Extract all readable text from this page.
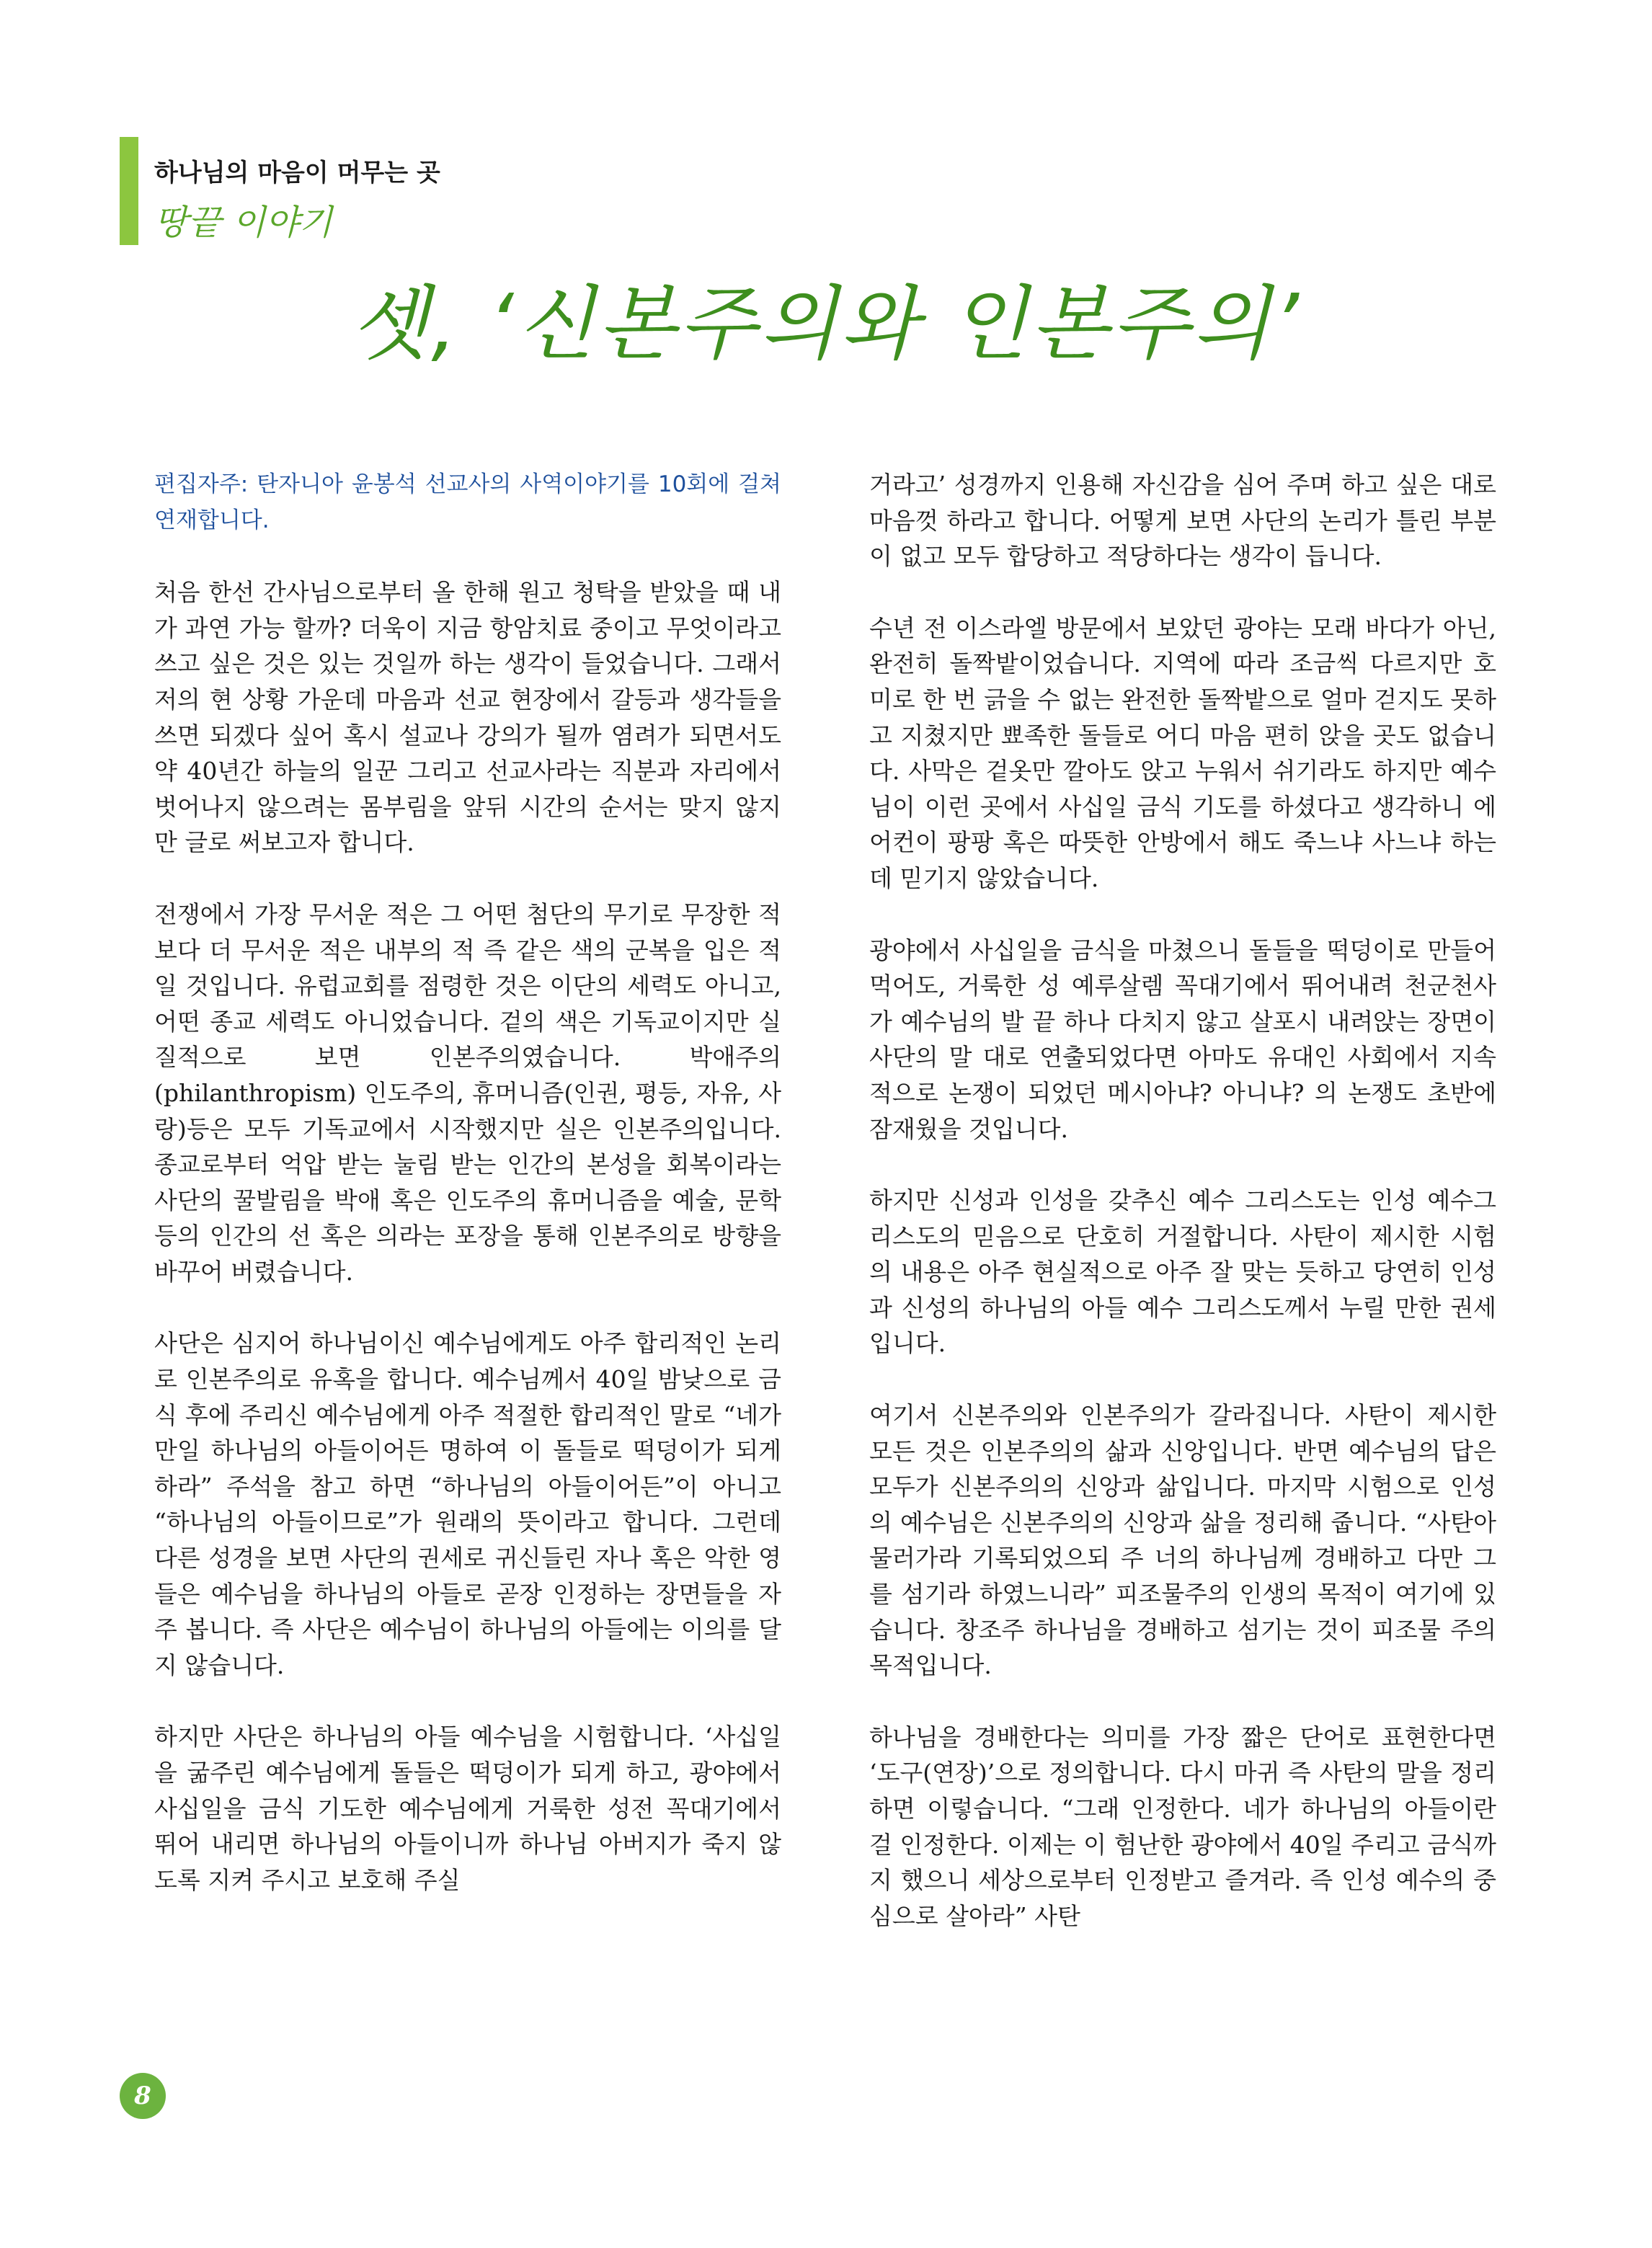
하나님의 마음이 머무는 곳
땅끝 이야기
셋, ‘신본주의와 인본주의’

편집자주: 탄자니아 윤봉석 선교사의 사역이야기를 10회에 걸쳐 연재합니다.

처음 한선 간사님으로부터 올 한해 원고 청탁을 받았을 때 내가 과연 가능 할까? 더욱이 지금 항암치료 중이고 무엇이라고 쓰고 싶은 것은 있는 것일까 하는 생각이 들었습니다. 그래서 저의 현 상황 가운데 마음과 선교 현장에서 갈등과 생각들을 쓰면 되겠다 싶어 혹시 설교나 강의가 될까 염려가 되면서도 약 40년간 하늘의 일꾼 그리고 선교사라는 직분과 자리에서 벗어나지 않으려는 몸부림을 앞뒤 시간의 순서는 맞지 않지만 글로 써보고자 합니다.

전쟁에서 가장 무서운 적은 그 어떤 첨단의 무기로 무장한 적보다 더 무서운 적은 내부의 적 즉 같은 색의 군복을 입은 적일 것입니다. 유럽교회를 점령한 것은 이단의 세력도 아니고, 어떤 종교 세력도 아니었습니다. 겉의 색은 기독교이지만 실질적으로 보면 인본주의였습니다. 박애주의(philanthropism) 인도주의, 휴머니즘(인권, 평등, 자유, 사랑)등은 모두 기독교에서 시작했지만 실은 인본주의입니다. 종교로부터 억압 받는 눌림 받는 인간의 본성을 회복이라는 사단의 꿀발림을 박애 혹은 인도주의 휴머니즘을 예술, 문학 등의 인간의 선 혹은 의라는 포장을 통해 인본주의로 방향을 바꾸어 버렸습니다.

사단은 심지어 하나님이신 예수님에게도 아주 합리적인 논리로 인본주의로 유혹을 합니다. 예수님께서 40일 밤낮으로 금식 후에 주리신 예수님에게 아주 적절한 합리적인 말로 “네가 만일 하나님의 아들이어든 명하여 이 돌들로 떡덩이가 되게 하라” 주석을 참고 하면 “하나님의 아들이어든”이 아니고 “하나님의 아들이므로”가 원래의 뜻이라고 합니다. 그런데 다른 성경을 보면 사단의 권세로 귀신들린 자나 혹은 악한 영들은 예수님을 하나님의 아들로 곧장 인정하는 장면들을 자주 봅니다. 즉 사단은 예수님이 하나님의 아들에는 이의를 달지 않습니다.

하지만 사단은 하나님의 아들 예수님을 시험합니다. ‘사십일을 굶주린 예수님에게 돌들은 떡덩이가 되게 하고, 광야에서 사십일을 금식 기도한 예수님에게 거룩한 성전 꼭대기에서 뛰어 내리면 하나님의 아들이니까 하나님 아버지가 죽지 않도록 지켜 주시고 보호해 주실

거라고’ 성경까지 인용해 자신감을 심어 주며 하고 싶은 대로 마음껏 하라고 합니다. 어떻게 보면 사단의 논리가 틀린 부분이 없고 모두 합당하고 적당하다는 생각이 듭니다.

수년 전 이스라엘 방문에서 보았던 광야는 모래 바다가 아닌, 완전히 돌짝밭이었습니다. 지역에 따라 조금씩 다르지만 호미로 한 번 긁을 수 없는 완전한 돌짝밭으로 얼마 걷지도 못하고 지쳤지만 뾰족한 돌들로 어디 마음 편히 앉을 곳도 없습니다. 사막은 겉옷만 깔아도 앉고 누워서 쉬기라도 하지만 예수님이 이런 곳에서 사십일 금식 기도를 하셨다고 생각하니 에어컨이 팡팡 혹은 따뜻한 안방에서 해도 죽느냐 사느냐 하는데 믿기지 않았습니다.

광야에서 사십일을 금식을 마쳤으니 돌들을 떡덩이로 만들어 먹어도, 거룩한 성 예루살렘 꼭대기에서 뛰어내려 천군천사가 예수님의 발 끝 하나 다치지 않고 살포시 내려앉는 장면이 사단의 말 대로 연출되었다면 아마도 유대인 사회에서 지속적으로 논쟁이 되었던 메시아냐? 아니냐? 의 논쟁도 초반에 잠재웠을 것입니다.

하지만 신성과 인성을 갖추신 예수 그리스도는 인성 예수그리스도의 믿음으로 단호히 거절합니다. 사탄이 제시한 시험의 내용은 아주 현실적으로 아주 잘 맞는 듯하고 당연히 인성과 신성의 하나님의 아들 예수 그리스도께서 누릴 만한 권세입니다.

여기서 신본주의와 인본주의가 갈라집니다. 사탄이 제시한 모든 것은 인본주의의 삶과 신앙입니다. 반면 예수님의 답은 모두가 신본주의의 신앙과 삶입니다. 마지막 시험으로 인성의 예수님은 신본주의의 신앙과 삶을 정리해 줍니다. “사탄아 물러가라 기록되었으되 주 너의 하나님께 경배하고 다만 그를 섬기라 하였느니라” 피조물주의 인생의 목적이 여기에 있습니다. 창조주 하나님을 경배하고 섬기는 것이 피조물 주의 목적입니다.

하나님을 경배한다는 의미를 가장 짧은 단어로 표현한다면 ‘도구(연장)’으로 정의합니다. 다시 마귀 즉 사탄의 말을 정리하면 이렇습니다. “그래 인정한다. 네가 하나님의 아들이란 걸 인정한다. 이제는 이 험난한 광야에서 40일 주리고 금식까지 했으니 세상으로부터 인정받고 즐겨라. 즉 인성 예수의 중심으로 살아라” 사탄

8
